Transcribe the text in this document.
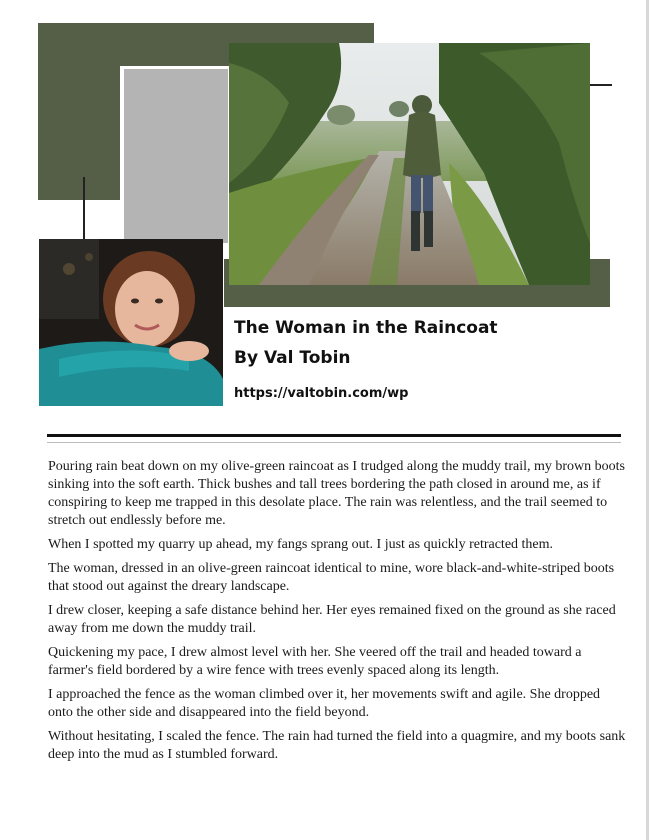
The Woman in the Raincoat
By Val Tobin
https://valtobin.com/wp

Pouring rain beat down on my olive-green raincoat as I trudged along the muddy trail, my brown boots sinking into the soft earth. Thick bushes and tall trees bordering the path closed in around me, as if conspiring to keep me trapped in this desolate place. The rain was relentless, and the trail seemed to stretch out endlessly before me.

When I spotted my quarry up ahead, my fangs sprang out. I just as quickly retracted them.

The woman, dressed in an olive-green raincoat identical to mine, wore black-and-white-striped boots that stood out against the dreary landscape.

I drew closer, keeping a safe distance behind her. Her eyes remained fixed on the ground as she raced away from me down the muddy trail.

Quickening my pace, I drew almost level with her. She veered off the trail and headed toward a farmer's field bordered by a wire fence with trees evenly spaced along its length.

I approached the fence as the woman climbed over it, her movements swift and agile. She dropped onto the other side and disappeared into the field beyond.

Without hesitating, I scaled the fence. The rain had turned the field into a quagmire, and my boots sank deep into the mud as I stumbled forward.
